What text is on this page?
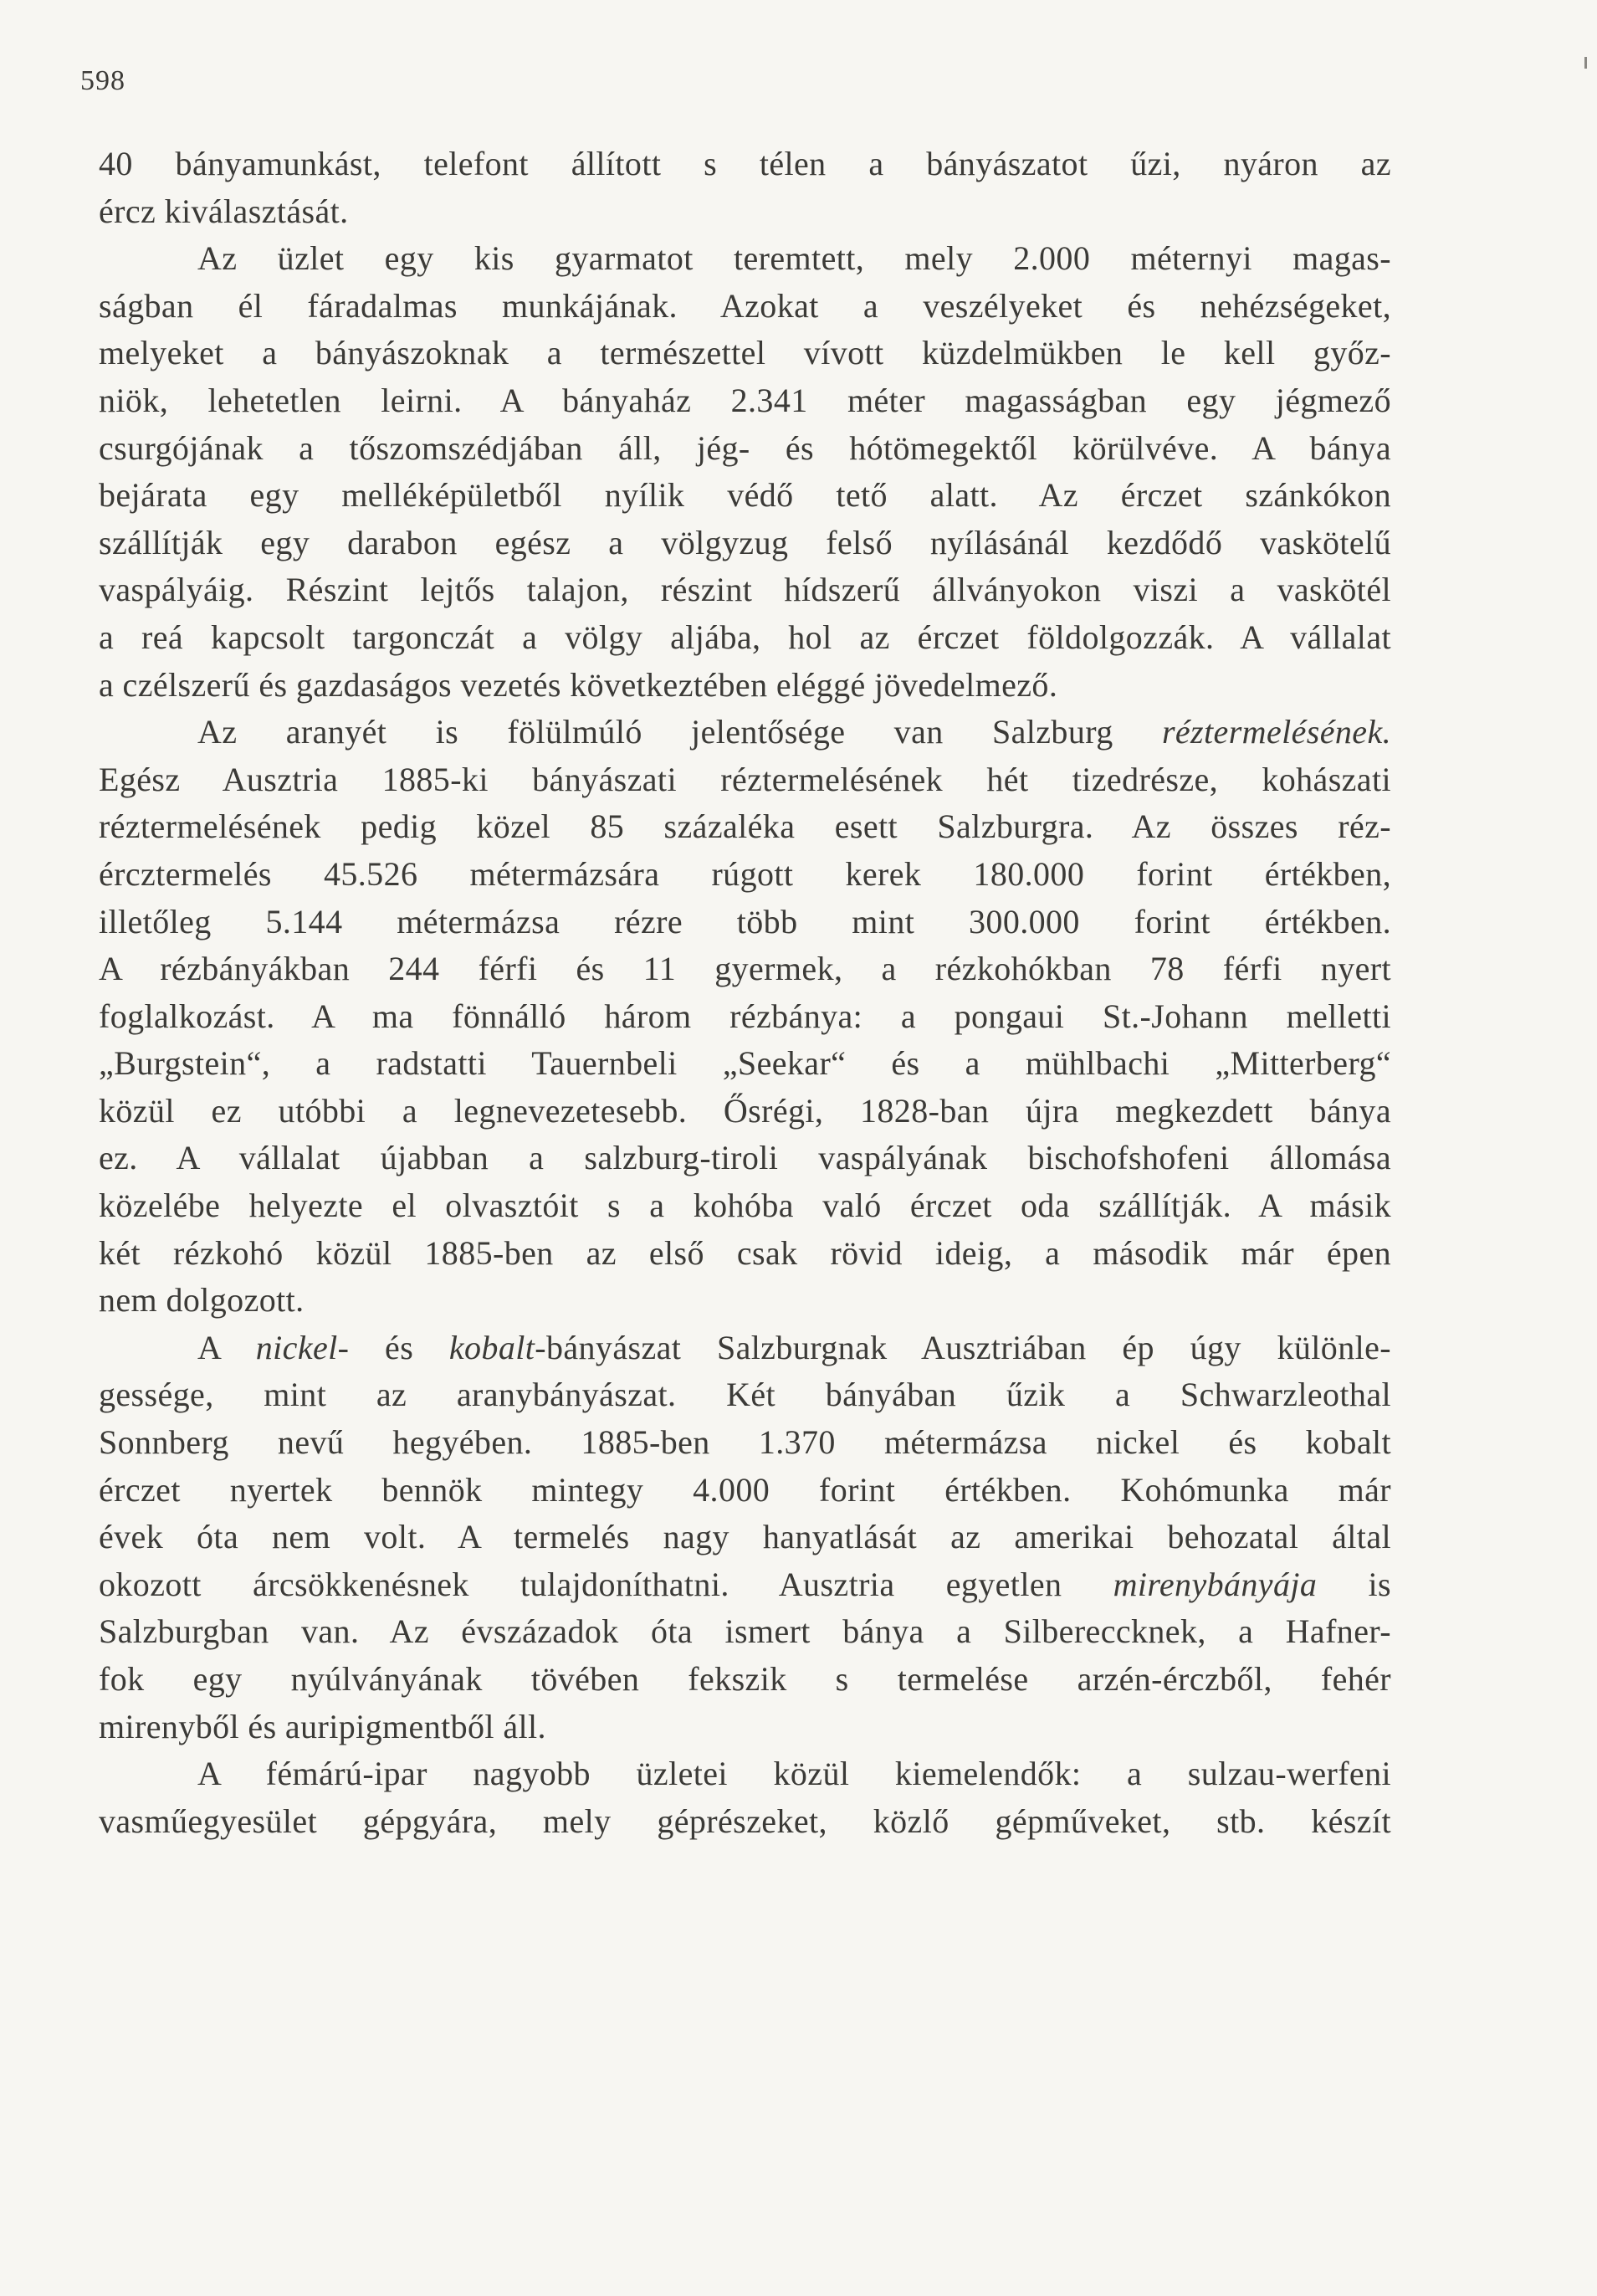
598
40 bányamunkást, telefont állított s télen a bányászatot űzi, nyáron az
ércz kiválasztását.
Az üzlet egy kis gyarmatot teremtett, mely 2.000 méternyi magas-
ságban él fáradalmas munkájának. Azokat a veszélyeket és nehézségeket,
melyeket a bányászoknak a természettel vívott küzdelmükben le kell győz-
niök, lehetetlen leirni. A bányaház 2.341 méter magasságban egy jégmező
csurgójának a tőszomszédjában áll, jég- és hótömegektől körülvéve. A bánya
bejárata egy melléképületből nyílik védő tető alatt. Az érczet szánkókon
szállítják egy darabon egész a völgyzug felső nyílásánál kezdődő vaskötelű
vaspályáig. Részint lejtős talajon, részint hídszerű állványokon viszi a vaskötél
a reá kapcsolt targonczát a völgy aljába, hol az érczet földolgozzák. A vállalat
a czélszerű és gazdaságos vezetés következtében eléggé jövedelmező.
Az aranyét is fölülmúló jelentősége van Salzburg réztermelésének.
Egész Ausztria 1885-ki bányászati réztermelésének hét tizedrésze, kohászati
réztermelésének pedig közel 85 százaléka esett Salzburgra. Az összes réz-
ércztermelés 45.526 métermázsára rúgott kerek 180.000 forint értékben,
illetőleg 5.144 métermázsa rézre több mint 300.000 forint értékben.
A rézbányákban 244 férfi és 11 gyermek, a rézkohókban 78 férfi nyert
foglalkozást. A ma fönnálló három rézbánya: a pongaui St.-Johann melletti
„Burgstein“, a radstatti Tauernbeli „Seekar“ és a mühlbachi „Mitterberg“
közül ez utóbbi a legnevezetesebb. Ősrégi, 1828-ban újra megkezdett bánya
ez. A vállalat újabban a salzburg-tiroli vaspályának bischofshofeni állomása
közelébe helyezte el olvasztóit s a kohóba való érczet oda szállítják. A másik
két rézkohó közül 1885-ben az első csak rövid ideig, a második már épen
nem dolgozott.
A nickel- és kobalt-bányászat Salzburgnak Ausztriában ép úgy különle-
gessége, mint az aranybányászat. Két bányában űzik a Schwarzleothal
Sonnberg nevű hegyében. 1885-ben 1.370 métermázsa nickel és kobalt
érczet nyertek bennök mintegy 4.000 forint értékben. Kohómunka már
évek óta nem volt. A termelés nagy hanyatlását az amerikai behozatal által
okozott árcsökkenésnek tulajdoníthatni. Ausztria egyetlen mirenybányája is
Salzburgban van. Az évszázadok óta ismert bánya a Silbereccknek, a Hafner-
fok egy nyúlványának tövében fekszik s termelése arzén-érczből, fehér
mirenyből és auripigmentből áll.
A fémárú-ipar nagyobb üzletei közül kiemelendők: a sulzau-werfeni
vasműegyesület gépgyára, mely géprészeket, közlő gépműveket, stb. készít
